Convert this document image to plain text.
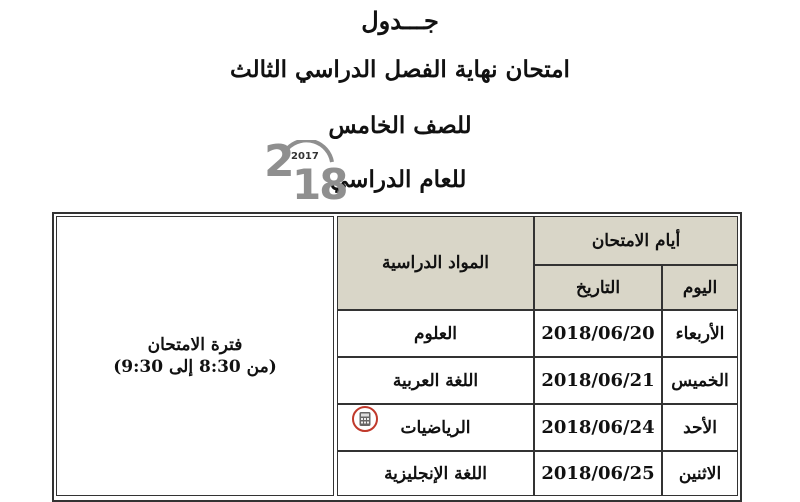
جـــدول
امتحان نهاية الفصل الدراسي الثالث
للصف الخامس
للعام الدراسي
2
2017
18
فترة الامتحان
(من 8:30 إلى 9:30)
المواد الدراسية
أيام الامتحان
التاريخ	اليوم
العلوم	2018/06/20 الأربعاء
اللغة العربية	2018/06/21 الخميس
الرياضيات	2018/06/24 الأحد
اللغة الإنجليزية	2018/06/25 الاثنين
